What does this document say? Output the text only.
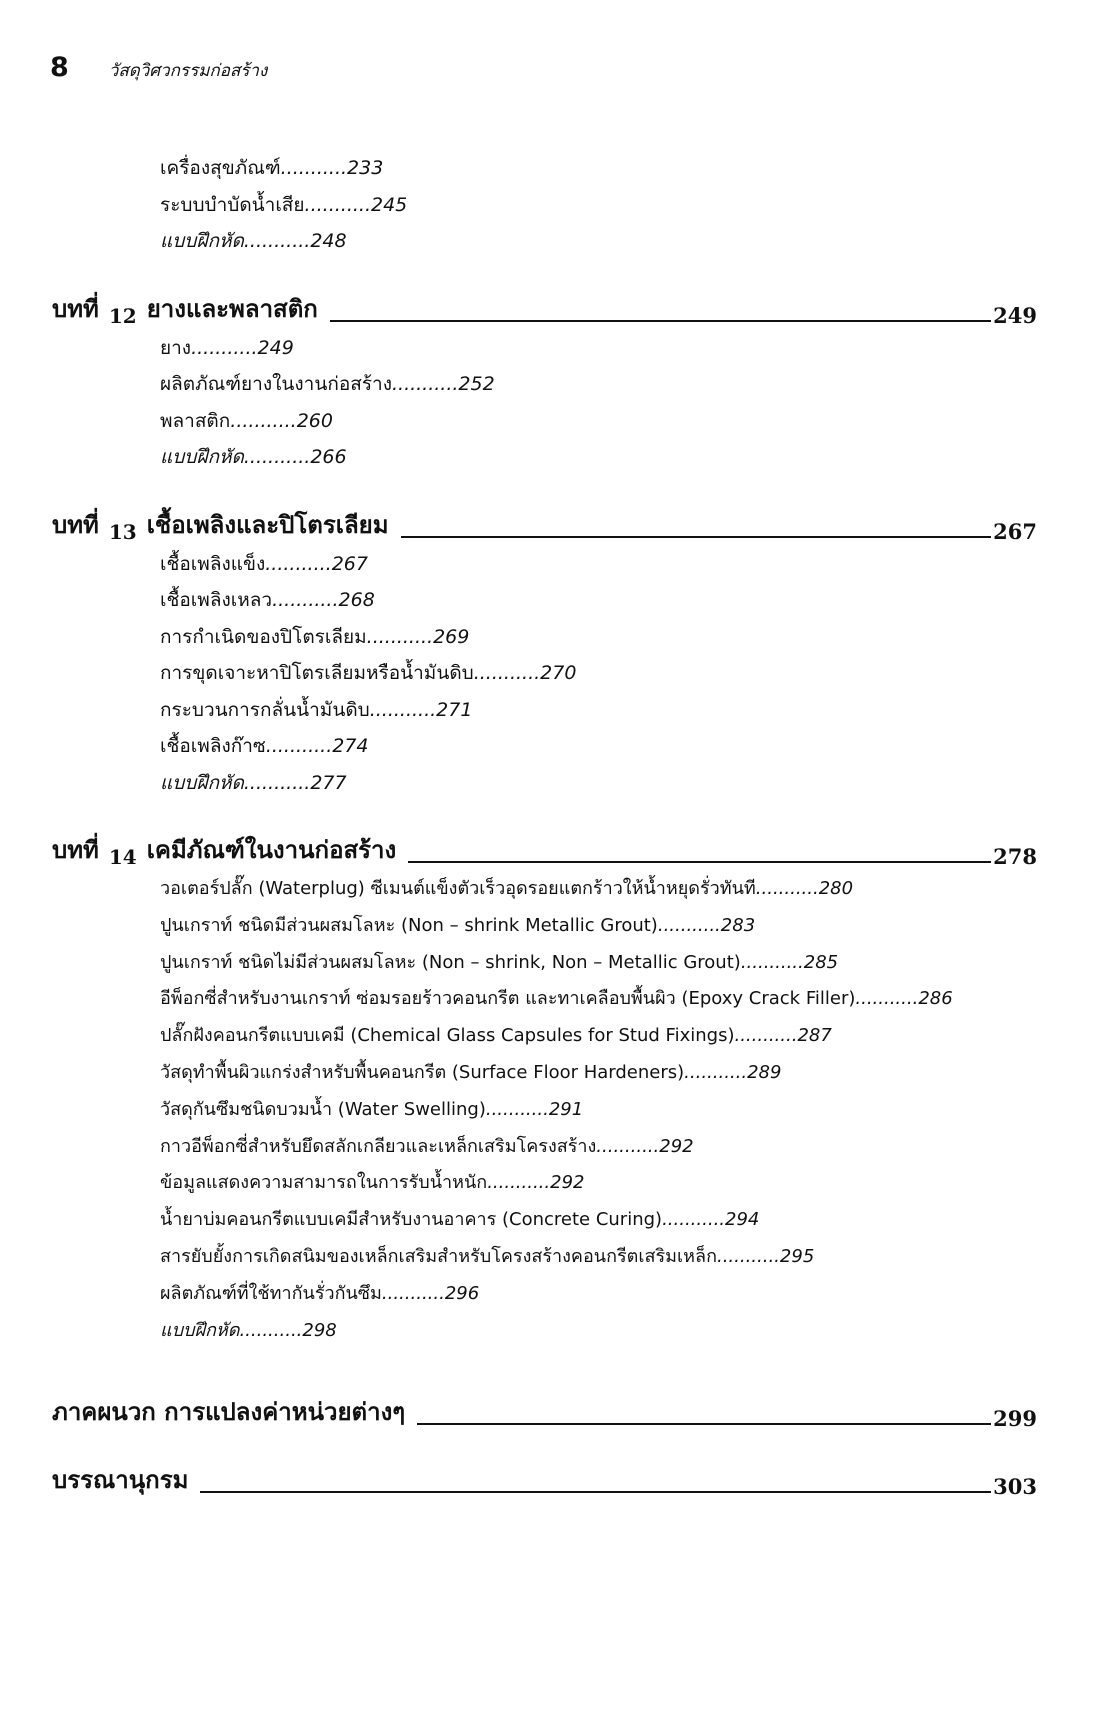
8 วัสดุวิศวกรรมก่อสร้าง
เครื่องสุขภัณฑ์...........233
ระบบบำบัดน้ำเสีย...........245
แบบฝึกหัด...........248
บทที่ 12 ยางและพลาสติก	249
ยาง...........249
ผลิตภัณฑ์ยางในงานก่อสร้าง...........252
พลาสติก...........260
แบบฝึกหัด...........266
บทที่ 13 เชื้อเพลิงและปิโตรเลียม	267
เชื้อเพลิงแข็ง...........267
เชื้อเพลิงเหลว...........268
การกำเนิดของปิโตรเลียม...........269
การขุดเจาะหาปิโตรเลียมหรือน้ำมันดิบ...........270
กระบวนการกลั่นน้ำมันดิบ...........271
เชื้อเพลิงก๊าซ...........274
แบบฝึกหัด...........277
บทที่ 14 เคมีภัณฑ์ในงานก่อสร้าง	278
วอเตอร์ปลั๊ก (Waterplug) ซีเมนต์แข็งตัวเร็วอุดรอยแตกร้าวให้น้ำหยุดรั่วทันที...........280
ปูนเกราท์ ชนิดมีส่วนผสมโลหะ (Non – shrink Metallic Grout)...........283
ปูนเกราท์ ชนิดไม่มีส่วนผสมโลหะ (Non – shrink, Non – Metallic Grout)...........285
อีพ็อกซี่สำหรับงานเกราท์ ซ่อมรอยร้าวคอนกรีต และทาเคลือบพื้นผิว (Epoxy Crack Filler)...........286
ปลั๊กฝังคอนกรีตแบบเคมี (Chemical Glass Capsules for Stud Fixings)...........287
วัสดุทำพื้นผิวแกร่งสำหรับพื้นคอนกรีต (Surface Floor Hardeners)...........289
วัสดุกันซึมชนิดบวมน้ำ (Water Swelling)...........291
กาวอีพ็อกซี่สำหรับยึดสลักเกลียวและเหล็กเสริมโครงสร้าง...........292
ข้อมูลแสดงความสามารถในการรับน้ำหนัก...........292
น้ำยาบ่มคอนกรีตแบบเคมีสำหรับงานอาคาร (Concrete Curing)...........294
สารยับยั้งการเกิดสนิมของเหล็กเสริมสำหรับโครงสร้างคอนกรีตเสริมเหล็ก...........295
ผลิตภัณฑ์ที่ใช้ทากันรั่วกันซึม...........296
แบบฝึกหัด...........298
ภาคผนวก การแปลงค่าหน่วยต่างๆ	299
บรรณานุกรม	303
